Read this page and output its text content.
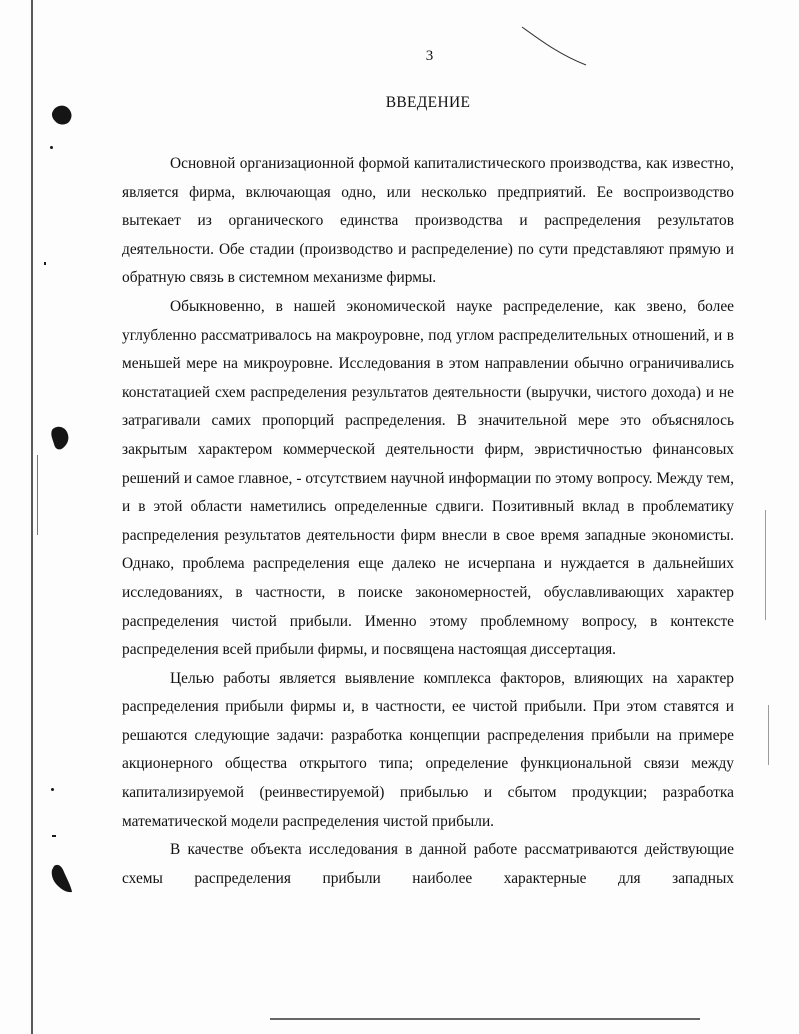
3
ВВЕДЕНИЕ

Основной организационной формой капиталистического производства, как известно, является фирма, включающая одно, или несколько предприятий. Ее воспроизводство вытекает из органического единства производства и распределения результатов деятельности. Обе стадии (производство и распределение) по сути представляют прямую и обратную связь в системном механизме фирмы.

Обыкновенно, в нашей экономической науке распределение, как звено, более углубленно рассматривалось на макроуровне, под углом распределительных отношений, и в меньшей мере на микроуровне. Исследования в этом направлении обычно ограничивались констатацией схем распределения результатов деятельности (выручки, чистого дохода) и не затрагивали самих пропорций распределения. В значительной мере это объяснялось закрытым характером коммерческой деятельности фирм, эвристичностью финансовых решений и самое главное, - отсутствием научной информации по этому вопросу. Между тем, и в этой области наметились определенные сдвиги. Позитивный вклад в проблематику распределения результатов деятельности фирм внесли в свое время западные экономисты. Однако, проблема распределения еще далеко не исчерпана и нуждается в дальнейших исследованиях, в частности, в поиске закономерностей, обуславливающих характер распределения чистой прибыли. Именно этому проблемному вопросу, в контексте распределения всей прибыли фирмы, и посвящена настоящая диссертация.

Целью работы является выявление комплекса факторов, влияющих на характер распределения прибыли фирмы и, в частности, ее чистой прибыли. При этом ставятся и решаются следующие задачи: разработка концепции распределения прибыли на примере акционерного общества открытого типа; определение функциональной связи между капитализируемой (реинвестируемой) прибылью и сбытом продукции; разработка математической модели распределения чистой прибыли.

В качестве объекта исследования в данной работе рассматриваются действующие схемы распределения прибыли наиболее характерные для западных
